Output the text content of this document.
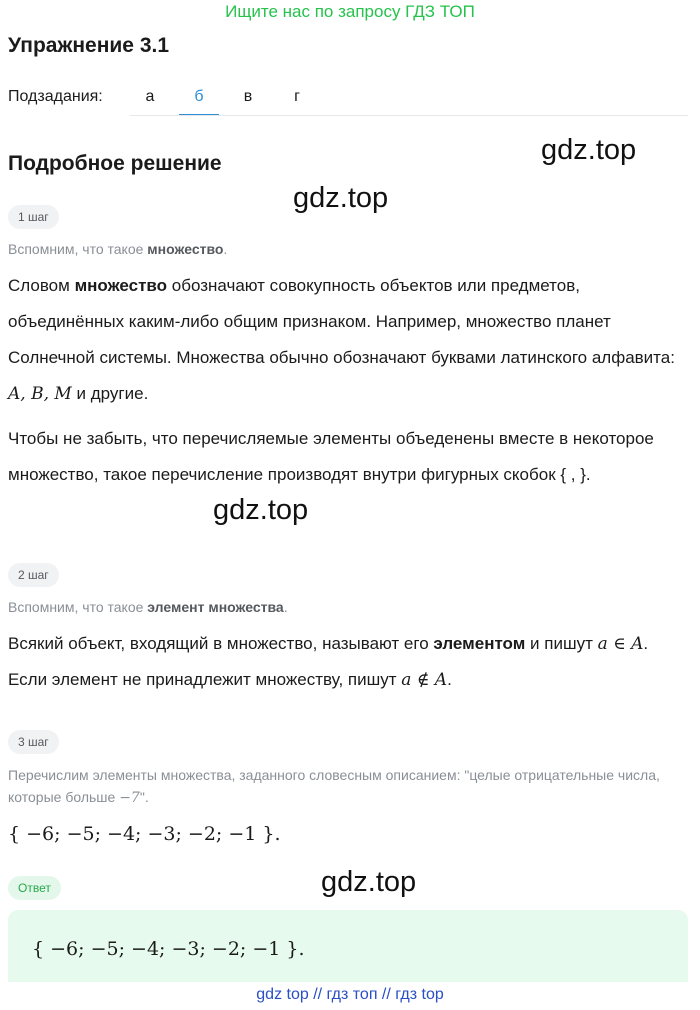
Ищите нас по запросу ГДЗ ТОП
Упражнение 3.1
Подзадания:	а	б	в	г
Подробное решение	gdz.top
gdz.top
gdz.top
gdz.top
1 шаг
Вспомним, что такое множество.
Словом множество обозначают совокупность объектов или предметов, объединённых каким-либо общим признаком. Например, множество планет Солнечной системы. Множества обычно обозначают буквами латинского алфавита: A, B, M и другие.
Чтобы не забыть, что перечисляемые элементы объеденены вместе в некоторое множество, такое перечисление производят внутри фигурных скобок { , }.
2 шаг
Вспомним, что такое элемент множества.
Всякий объект, входящий в множество, называют его элементом и пишут a ∈ A. Если элемент не принадлежит множеству, пишут a ∉ A.
3 шаг
Перечислим элементы множества, заданного словесным описанием: "целые отрицательные числа, которые больше −7".
{ −6; −5; −4; −3; −2; −1 }.
Ответ
{ −6; −5; −4; −3; −2; −1 }.
gdz top // гдз топ // гдз top
